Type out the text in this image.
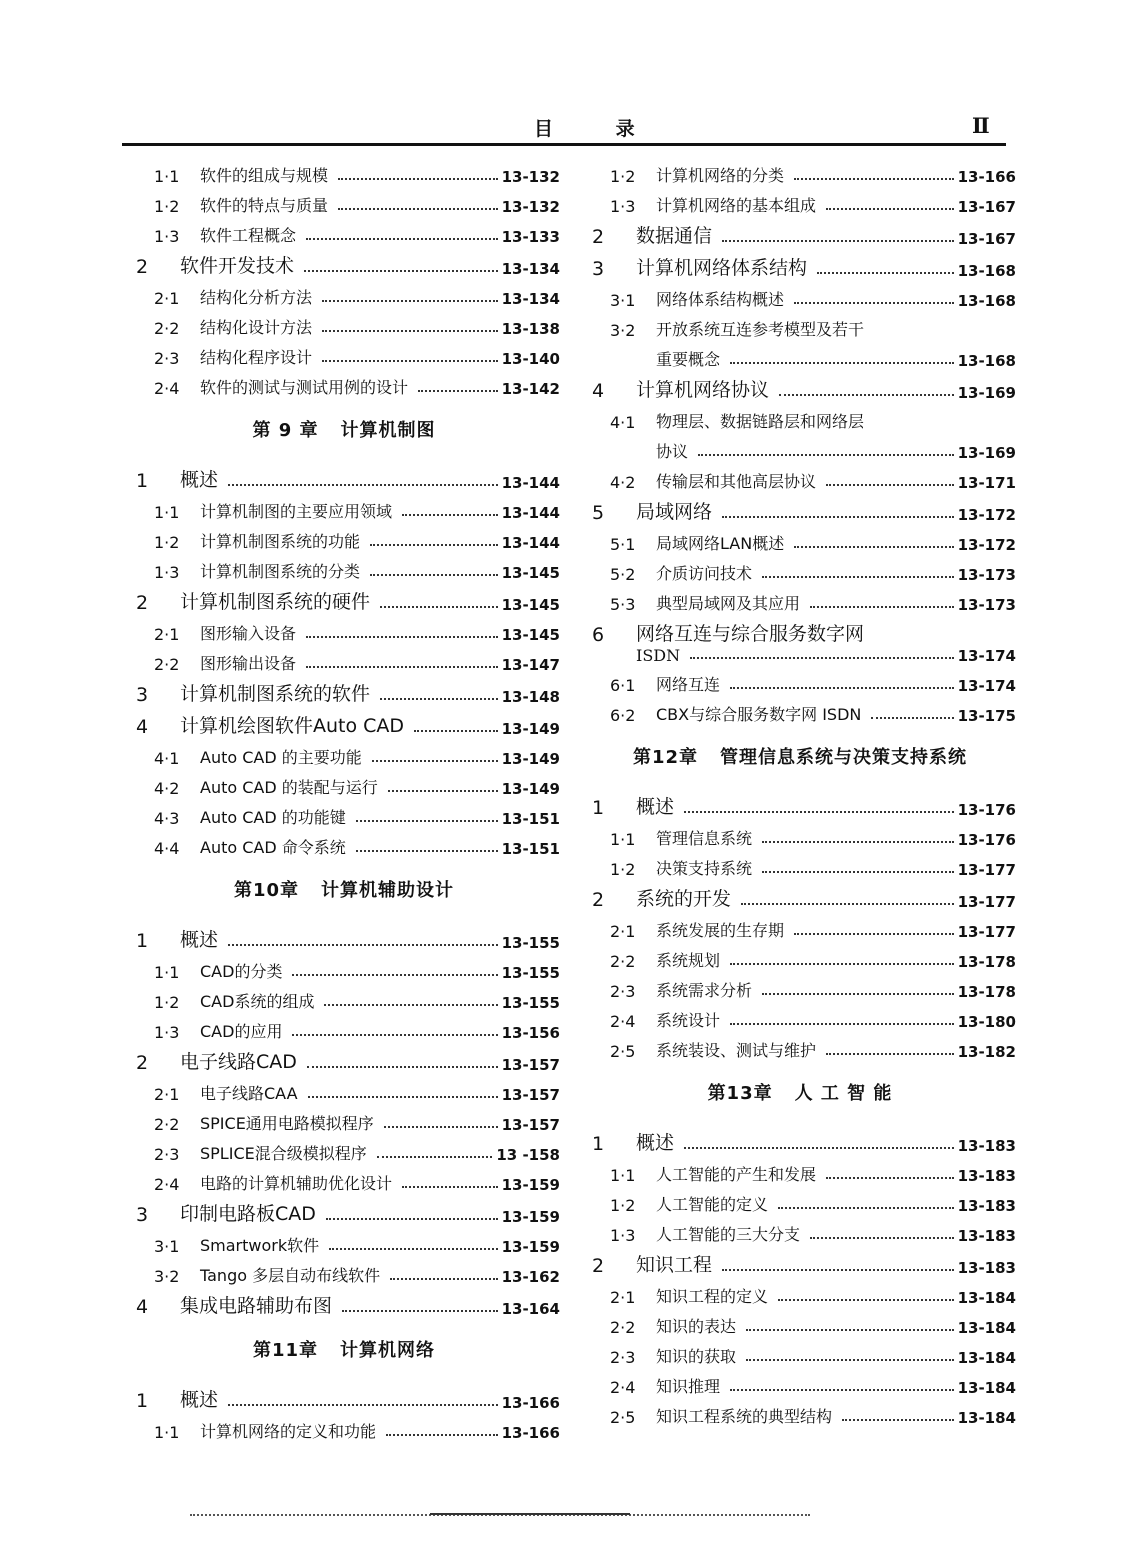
目 录	Ⅱ
1·1	软件的组成与规模	13-132
1·2	软件的特点与质量	13-132
1·3	软件工程概念	13-133
2	软件开发技术	13-134
2·1	结构化分析方法	13-134
2·2	结构化设计方法	13-138
2·3	结构化程序设计	13-140
2·4	软件的测试与测试用例的设计	13-142
第 9 章 计算机制图
1	概述	13-144
1·1	计算机制图的主要应用领域	13-144
1·2	计算机制图系统的功能	13-144
1·3	计算机制图系统的分类	13-145
2	计算机制图系统的硬件	13-145
2·1	图形输入设备	13-145
2·2	图形输出设备	13-147
3	计算机制图系统的软件	13-148
4	计算机绘图软件Auto CAD	13-149
4·1	Auto CAD 的主要功能	13-149
4·2	Auto CAD 的装配与运行	13-149
4·3	Auto CAD 的功能键	13-151
4·4	Auto CAD 命令系统	13-151
第10章 计算机辅助设计
1	概述	13-155
1·1	CAD的分类	13-155
1·2	CAD系统的组成	13-155
1·3	CAD的应用	13-156
2	电子线路CAD	13-157
2·1	电子线路CAA	13-157
2·2	SPICE通用电路模拟程序	13-157
2·3	SPLICE混合级模拟程序	13 -158
2·4	电路的计算机辅助优化设计	13-159
3	印制电路板CAD	13-159
3·1	Smartwork软件	13-159
3·2	Tango 多层自动布线软件	13-162
4	集成电路辅助布图	13-164
第11章 计算机网络
1	概述	13-166
1·1	计算机网络的定义和功能	13-166
1·2	计算机网络的分类	13-166
1·3	计算机网络的基本组成	13-167
2	数据通信	13-167
3	计算机网络体系结构	13-168
3·1	网络体系结构概述	13-168
3·2	开放系统互连参考模型及若干
重要概念	13-168
4	计算机网络协议	13-169
4·1	物理层、数据链路层和网络层
协议	13-169
4·2	传输层和其他高层协议	13-171
5	局域网络	13-172
5·1	局域网络LAN概述	13-172
5·2	介质访问技术	13-173
5·3	典型局域网及其应用	13-173
6	网络互连与综合服务数字网
ISDN	13-174
6·1	网络互连	13-174
6·2	CBX与综合服务数字网 ISDN	13-175
第12章 管理信息系统与决策支持系统
1	概述	13-176
1·1	管理信息系统	13-176
1·2	决策支持系统	13-177
2	系统的开发	13-177
2·1	系统发展的生存期	13-177
2·2	系统规划	13-178
2·3	系统需求分析	13-178
2·4	系统设计	13-180
2·5	系统装设、测试与维护	13-182
第13章 人 工 智 能
1	概述	13-183
1·1	人工智能的产生和发展	13-183
1·2	人工智能的定义	13-183
1·3	人工智能的三大分支	13-183
2	知识工程	13-183
2·1	知识工程的定义	13-184
2·2	知识的表达	13-184
2·3	知识的获取	13-184
2·4	知识推理	13-184
2·5	知识工程系统的典型结构	13-184
